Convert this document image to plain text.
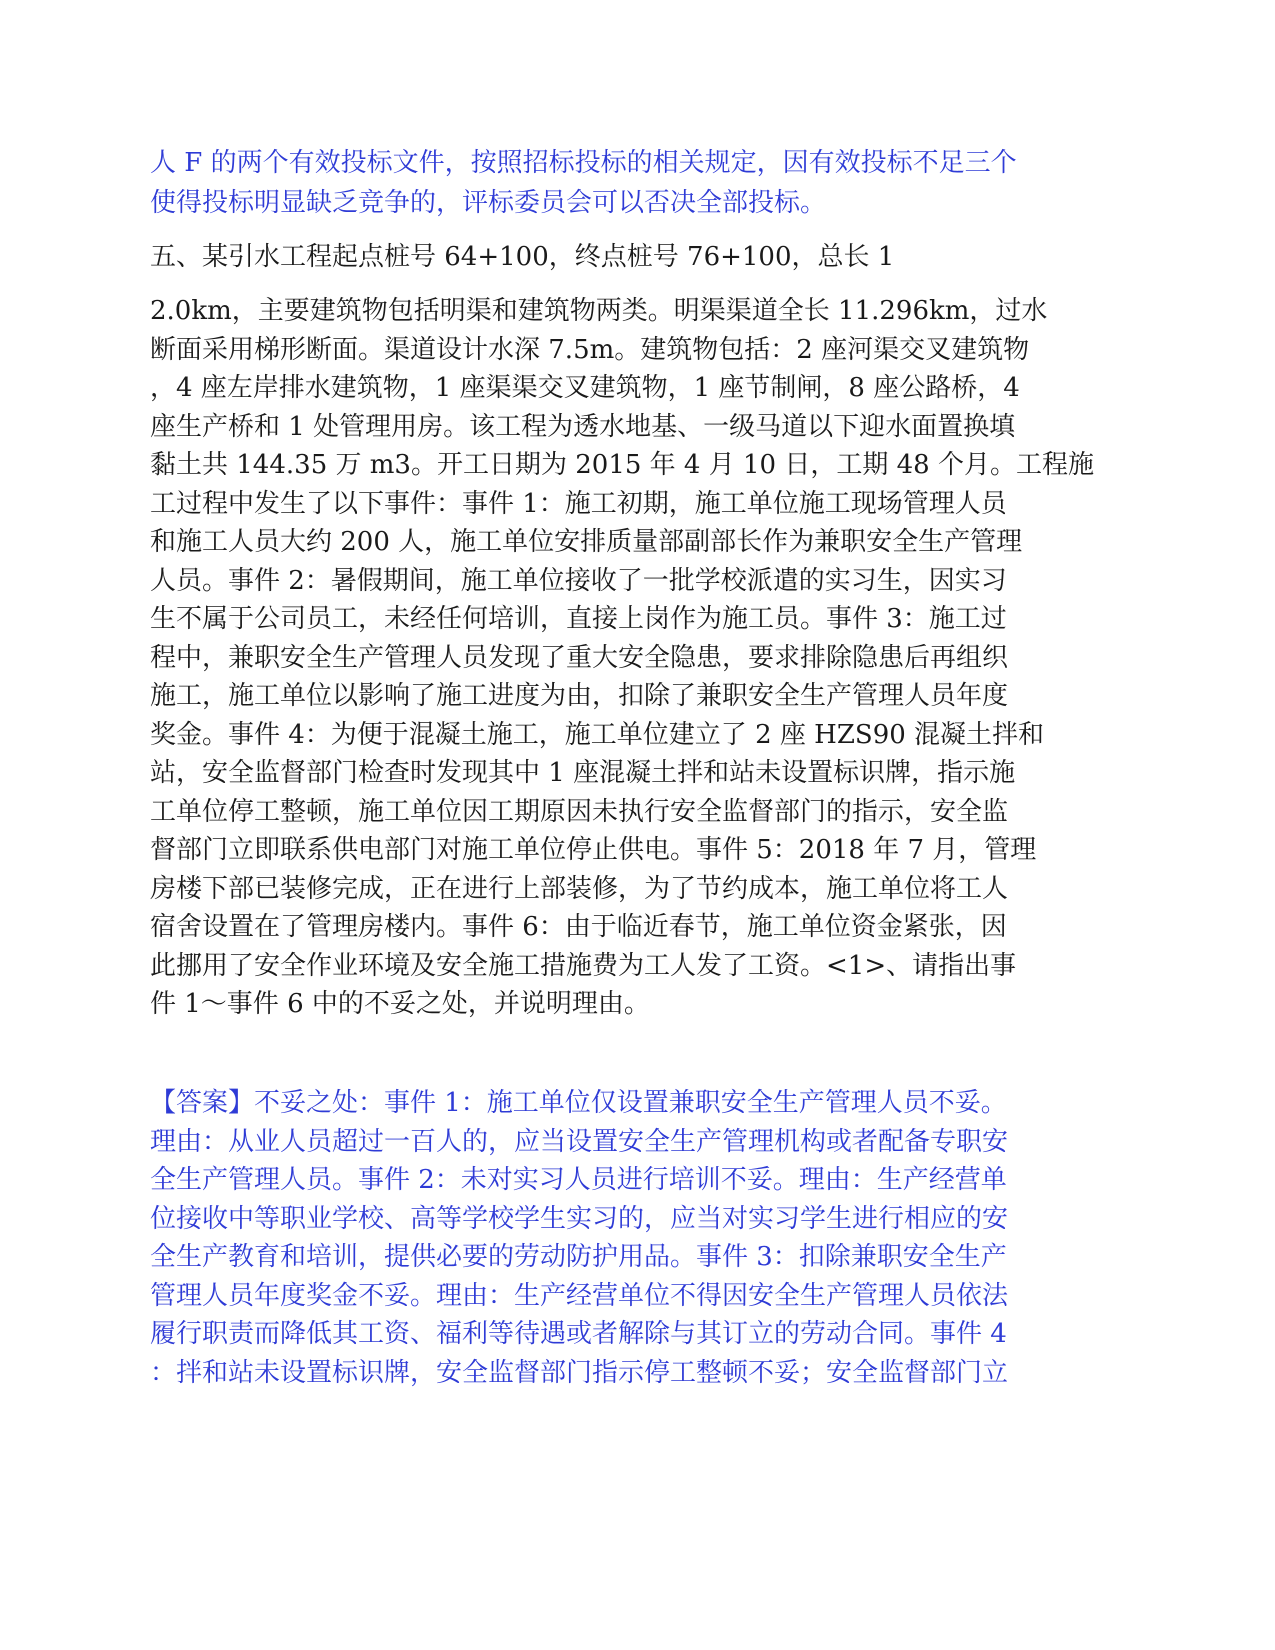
人 F 的两个有效投标文件，按照招标投标的相关规定，因有效投标不足三个
使得投标明显缺乏竞争的，评标委员会可以否决全部投标。
五、某引水工程起点桩号 64+100，终点桩号 76+100，总长 1
2.0km，主要建筑物包括明渠和建筑物两类。明渠渠道全长 11.296km，过水
断面采用梯形断面。渠道设计水深 7.5m。建筑物包括：2 座河渠交叉建筑物
，4 座左岸排水建筑物，1 座渠渠交叉建筑物，1 座节制闸，8 座公路桥，4
座生产桥和 1 处管理用房。该工程为透水地基、一级马道以下迎水面置换填
黏土共 144.35 万 m3。开工日期为 2015 年 4 月 10 日，工期 48 个月。工程施
工过程中发生了以下事件：事件 1：施工初期，施工单位施工现场管理人员
和施工人员大约 200 人，施工单位安排质量部副部长作为兼职安全生产管理
人员。事件 2：暑假期间，施工单位接收了一批学校派遣的实习生，因实习
生不属于公司员工，未经任何培训，直接上岗作为施工员。事件 3：施工过
程中，兼职安全生产管理人员发现了重大安全隐患，要求排除隐患后再组织
施工，施工单位以影响了施工进度为由，扣除了兼职安全生产管理人员年度
奖金。事件 4：为便于混凝土施工，施工单位建立了 2 座 HZS90 混凝土拌和
站，安全监督部门检查时发现其中 1 座混凝土拌和站未设置标识牌，指示施
工单位停工整顿，施工单位因工期原因未执行安全监督部门的指示，安全监
督部门立即联系供电部门对施工单位停止供电。事件 5：2018 年 7 月，管理
房楼下部已装修完成，正在进行上部装修，为了节约成本，施工单位将工人
宿舍设置在了管理房楼内。事件 6：由于临近春节，施工单位资金紧张，因
此挪用了安全作业环境及安全施工措施费为工人发了工资。<1>、请指出事
件 1～事件 6 中的不妥之处，并说明理由。
【答案】不妥之处：事件 1：施工单位仅设置兼职安全生产管理人员不妥。
理由：从业人员超过一百人的，应当设置安全生产管理机构或者配备专职安
全生产管理人员。事件 2：未对实习人员进行培训不妥。理由：生产经营单
位接收中等职业学校、高等学校学生实习的，应当对实习学生进行相应的安
全生产教育和培训，提供必要的劳动防护用品。事件 3：扣除兼职安全生产
管理人员年度奖金不妥。理由：生产经营单位不得因安全生产管理人员依法
履行职责而降低其工资、福利等待遇或者解除与其订立的劳动合同。事件 4
：拌和站未设置标识牌，安全监督部门指示停工整顿不妥；安全监督部门立
